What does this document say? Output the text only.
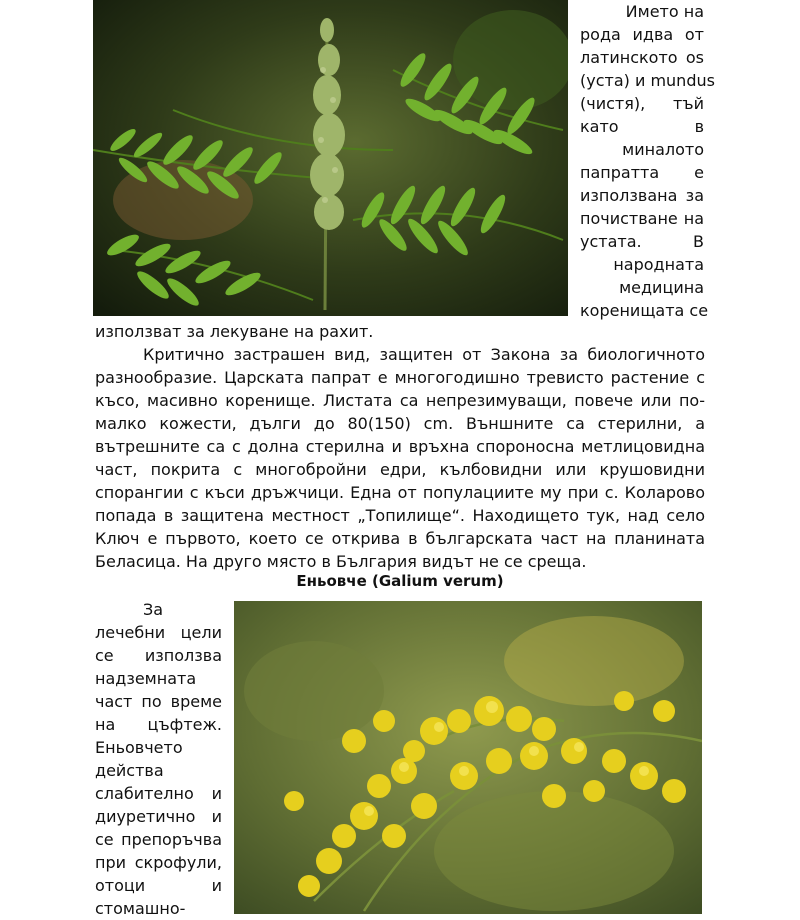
Името на
рода идва от
латинското os
(уста) и mundus
(чистя), тъй
като в
миналото
папратта е
използвана за
почистване на
устата. В
народната
медицина
коренищата се
използват за лекуване на рахит.
Критично застрашен вид, защитен от Закона за биологичното разнообразие. Царската папрат е многогодишно тревисто растение с късо, масивно коренище. Листата са непрезимуващи, повече или по-малко кожести, дълги до 80(150) cm. Външните са стерилни, а вътрешните са с долна стерилна и връхна спороносна метлицовидна част, покрита с многобройни едри, кълбовидни или крушовидни спорангии с къси дръжчици. Една от популациите му при с. Коларово попада в защитена местност „Топилище“. Находището тук, над село Ключ е първото, което се открива в българската част на планината Беласица. На друго място в България видът не се среща.
Еньовче (Galium verum)
За
лечебни цели
се използва
надземната
част по време
на цъфтеж.
Еньовчето
действа
слабително и
диуретично и
се препоръчва
при скрофули,
отоци и
стомашно-
